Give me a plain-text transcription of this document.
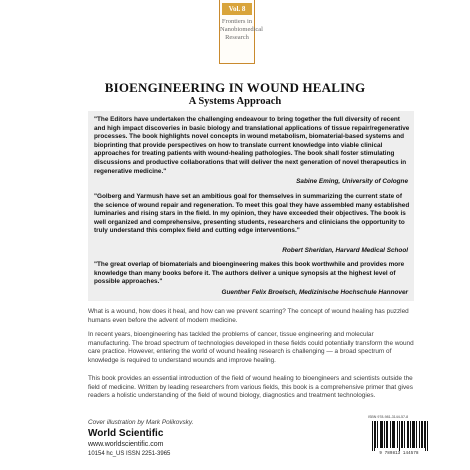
Vol. 8
Frontiers in Nanobiomedical Research
BIOENGINEERING IN WOUND HEALING
A Systems Approach
"The Editors have undertaken the challenging endeavour to bring together the full diversity of recent and high impact discoveries in basic biology and translational applications of tissue repair/regenerative processes. The book highlights novel concepts in wound metabolism, biomaterial-based systems and bioprinting that provide perspectives on how to translate current knowledge into viable clinical approaches for treating patients with wound-healing pathologies. The book shall foster stimulating discussions and productive collaborations that will deliver the next generation of novel therapeutics in regenerative medicine."
Sabine Eming, University of Cologne
"Golberg and Yarmush have set an ambitious goal for themselves in summarizing the current state of the science of wound repair and regeneration. To meet this goal they have assembled many established luminaries and rising stars in the field. In my opinion, they have exceeded their objectives. The book is well organized and comprehensive, presenting students, researchers and clinicians the opportunity to truly understand this complex field and cutting edge interventions."
Robert Sheridan, Harvard Medical School
"The great overlap of biomaterials and bioengineering makes this book worthwhile and provides more knowledge than many books before it. The authors deliver a unique synopsis at the highest level of possible approaches."
Guenther Felix Broelsch, Medizinische Hochschule Hannover
What is a wound, how does it heal, and how can we prevent scarring? The concept of wound healing has puzzled humans even before the advent of modern medicine.
In recent years, bioengineering has tackled the problems of cancer, tissue engineering and molecular manufacturing. The broad spectrum of technologies developed in these fields could potentially transform the wound care practice. However, entering the world of wound healing research is challenging — a broad spectrum of knowledge is required to understand wounds and improve healing.
This book provides an essential introduction of the field of wound healing to bioengineers and scientists outside the field of medicine. Written by leading researchers from various fields, this book is a comprehensive primer that gives readers a holistic understanding of the field of wound biology, diagnostics and treatment technologies.
Cover illustration by Mark Polikovsky.
World Scientific
www.worldscientific.com
10154 hc_US ISSN 2251-3965
ISBN 978-981-3144-57-8
9 789813 144578
